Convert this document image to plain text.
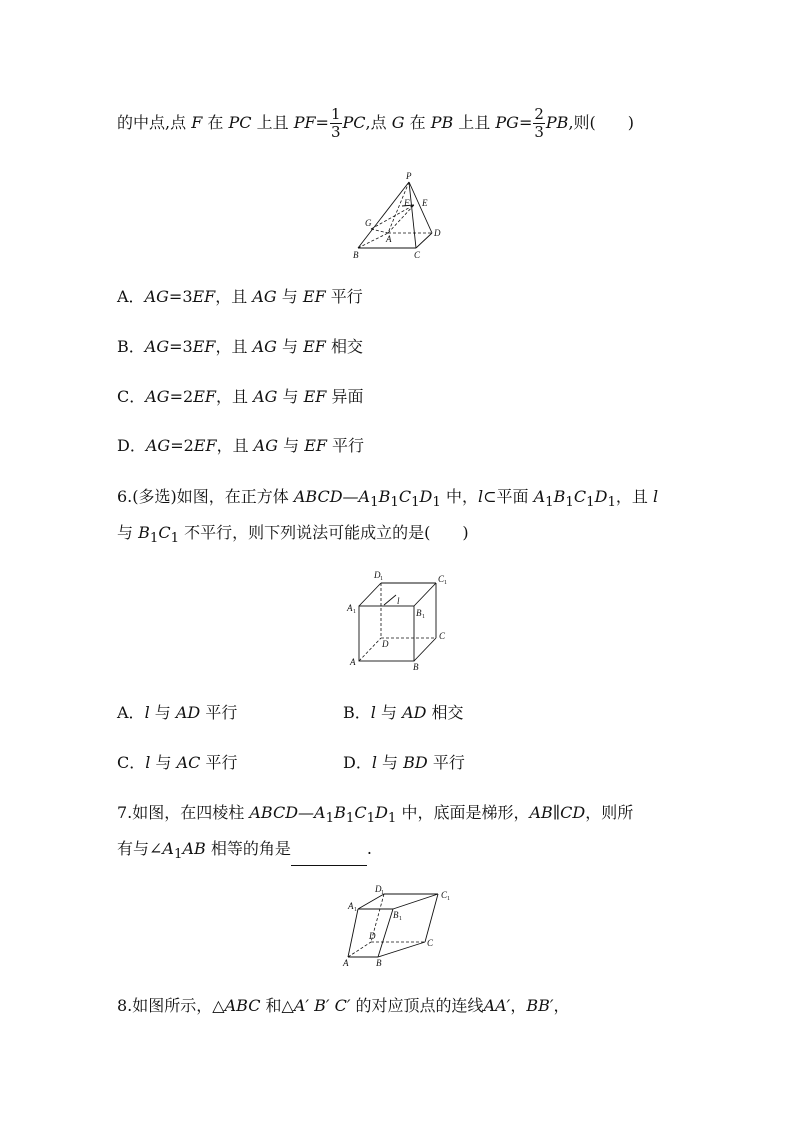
的中点,点 F 在 PC 上且 $PF= \frac{1}{3}$ PC,点 G 在 PB 上且 $PG= \frac{2}{3}$ PB,则(　　)
P
E
F
G
A
D
B	C
A．AG=3EF，且 AG 与 EF 平行
B．AG=3EF，且 AG 与 EF 相交
C．AG=2EF，且 AG 与 EF 异面
D．AG=2EF，且 AG 与 EF 平行
6.(多选)如图，在正方体 $ABCD—A_1B_1C_1D_1$ 中，l⊂平面 $A_1B_1C_1D_1$，且 l
与 $B_1C_1$ 不平行，则下列说法可能成立的是(　　)
D 1	C 1
A 1
l
B 1
D
C
A	B
A．l 与 AD 平行	B．l 与 AD 相交
C．l 与 AC 平行	D．l 与 BD 平行
7.如图，在四棱柱 $ABCD—A_1B_1C_1D_1$ 中，底面是梯形，AB∥CD，则所
有与$\angle A_1AB$ 相等的角是	.
D 1	C 1
A 1	B 1
D
C
A	B
8.如图所示，△ABC 和△A′ B′ C′ 的对应顶点的连线AA′，BB′，
